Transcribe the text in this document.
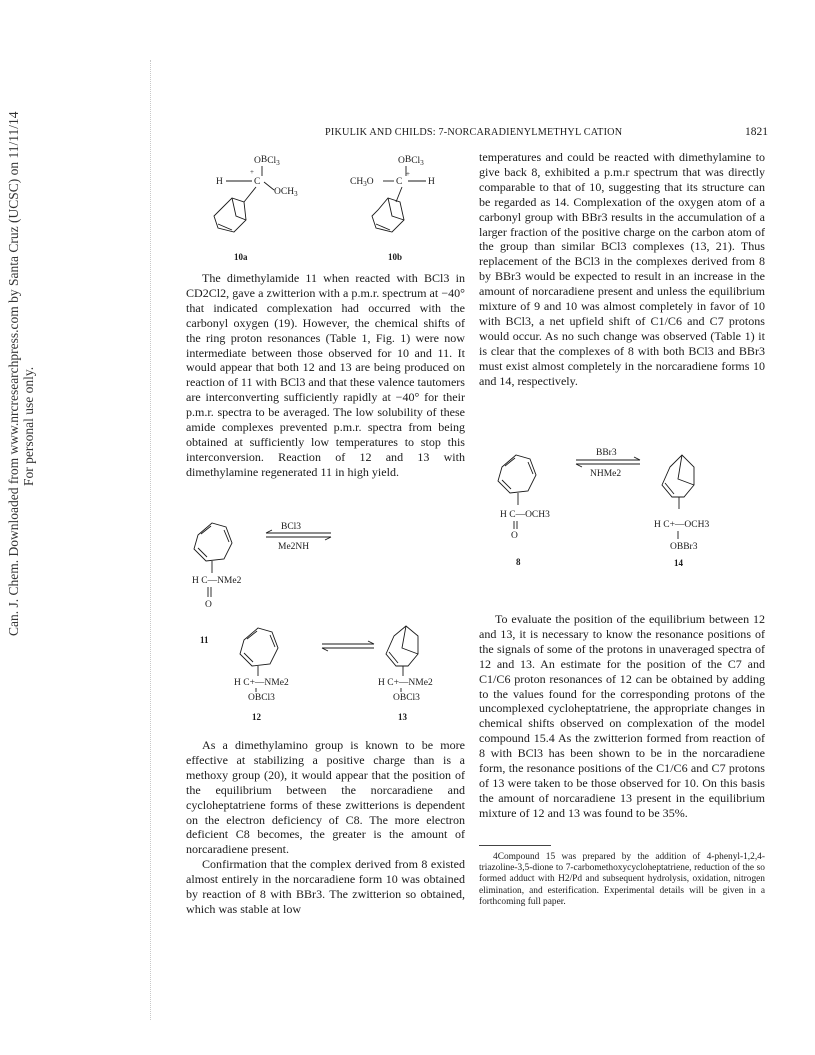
Can. J. Chem. Downloaded from www.nrcresearchpress.com by Santa Cruz (UCSC) on 11/11/14 For personal use only.
PIKULIK AND CHILDS: 7-NORCARADIENYLMETHYL CATION	1821
OBCl$_3$
H
+
C
$OCH_3$
10a
OBCl$_3$
$CH_3O$ C
+
H
10b

The dimethylamide 11 when reacted with BCl3 in CD2Cl2, gave a zwitterion with a p.m.r. spectrum at −40° that indicated complexation had occurred with the carbonyl oxygen (19). However, the chemical shifts of the ring proton resonances (Table 1, Fig. 1) were now intermediate between those observed for 10 and 11. It would appear that both 12 and 13 are being produced on reaction of 11 with BCl3 and that these valence tautomers are interconverting sufficiently rapidly at −40° for their p.m.r. spectra to be averaged. The low solubility of these amide complexes prevented p.m.r. spectra from being obtained at sufficiently low temperatures to stop this interconversion. Reaction of 12 and 13 with dimethylamine regenerated 11 in high yield.

H C—NMe2
O
11
BCl3
Me2NH
H C+—NMe2
OBCl3
12
H C+—NMe2
OBCl3
13

As a dimethylamino group is known to be more effective at stabilizing a positive charge than is a methoxy group (20), it would appear that the position of the equilibrium between the norcaradiene and cycloheptatriene forms of these zwitterions is dependent on the electron deficiency of C8. The more electron deficient C8 becomes, the greater is the amount of norcaradiene present.

Confirmation that the complex derived from 8 existed almost entirely in the norcaradiene form 10 was obtained by reaction of 8 with BBr3. The zwitterion so obtained, which was stable at low

temperatures and could be reacted with dimethylamine to give back 8, exhibited a p.m.r spectrum that was directly comparable to that of 10, suggesting that its structure can be regarded as 14. Complexation of the oxygen atom of a carbonyl group with BBr3 results in the accumulation of a larger fraction of the positive charge on the carbon atom of the group than similar BCl3 complexes (13, 21). Thus replacement of the BCl3 in the complexes derived from 8 by BBr3 would be expected to result in an increase in the amount of norcaradiene present and unless the equilibrium mixture of 9 and 10 was almost completely in favor of 10 with BCl3, a net upfield shift of C1/C6 and C7 protons would occur. As no such change was observed (Table 1) it is clear that the complexes of 8 with both BCl3 and BBr3 must exist almost completely in the norcaradiene forms 10 and 14, respectively.

H C—OCH3
O
8
BBr3
NHMe2
H C+—OCH3
OBBr3
14

To evaluate the position of the equilibrium between 12 and 13, it is necessary to know the resonance positions of the signals of some of the protons in unaveraged spectra of 12 and 13. An estimate for the position of the C7 and C1/C6 proton resonances of 12 can be obtained by adding to the values found for the corresponding protons of the uncomplexed cycloheptatriene, the appropriate changes in chemical shifts observed on complexation of the model compound 15.4 As the zwitterion formed from reaction of 8 with BCl3 has been shown to be in the norcaradiene form, the resonance positions of the C1/C6 and C7 protons of 13 were taken to be those observed for 10. On this basis the amount of norcaradiene 13 present in the equilibrium mixture of 12 and 13 was found to be 35%.

4Compound 15 was prepared by the addition of 4-phenyl-1,2,4-triazoline-3,5-dione to 7-carbomethoxycycloheptatriene, reduction of the so formed adduct with H2/Pd and subsequent hydrolysis, oxidation, nitrogen elimination, and esterification. Experimental details will be given in a forthcoming full paper.
